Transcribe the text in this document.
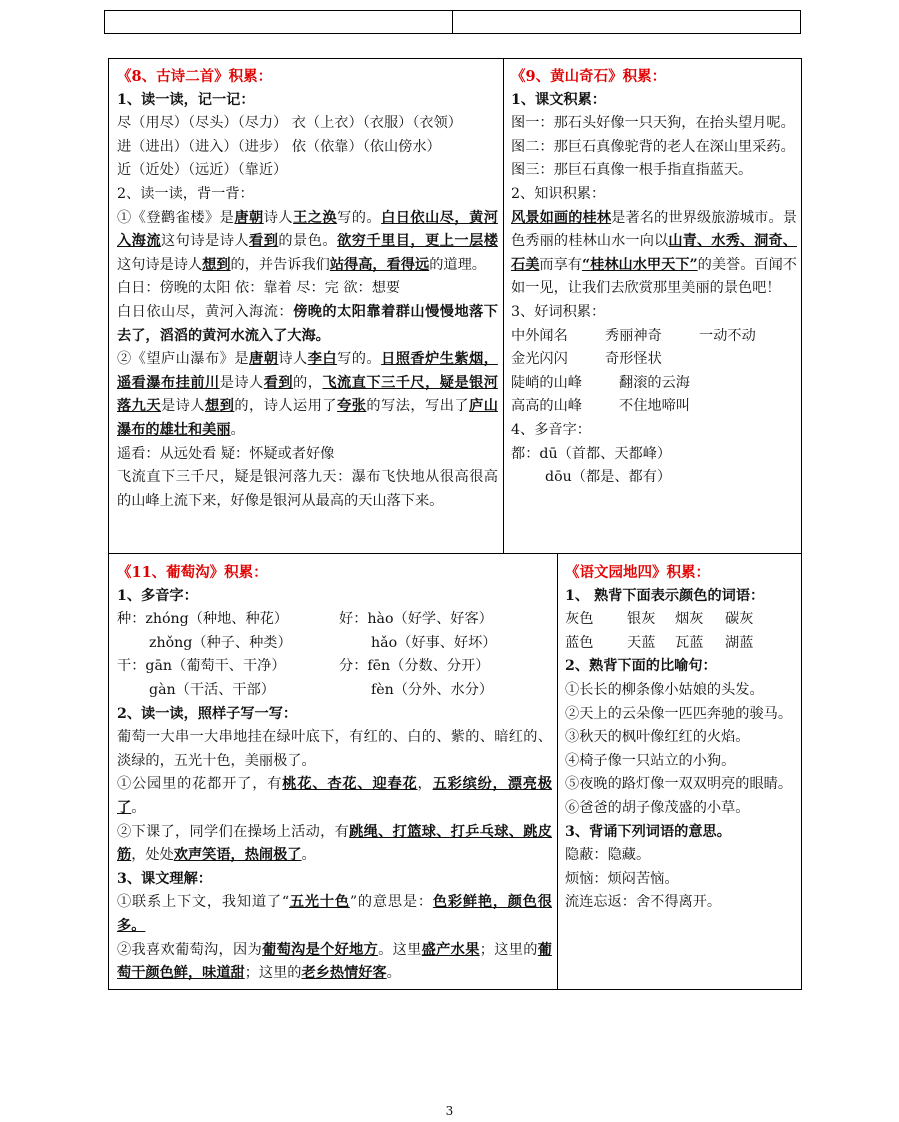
《8、古诗二首》积累：
1、读一读，记一记：
尽（用尽）（尽头）（尽力） 衣（上衣）（衣服）（衣领）
进（进出）（进入）（进步） 依（依靠）（依山傍水）
近（近处）（远近）（靠近）
2、读一读，背一背：
①《登鹳雀楼》是唐朝诗人王之涣写的。白日依山尽，黄河入海流这句诗是诗人看到的景色。欲穷千里目，更上一层楼这句诗是诗人想到的，并告诉我们站得高，看得远的道理。
白日：傍晚的太阳 依：靠着 尽：完 欲：想要
白日依山尽，黄河入海流：傍晚的太阳靠着群山慢慢地落下去了，滔滔的黄河水流入了大海。
②《望庐山瀑布》是唐朝诗人李白写的。日照香炉生紫烟，遥看瀑布挂前川是诗人看到的，飞流直下三千尺，疑是银河落九天是诗人想到的，诗人运用了夸张的写法，写出了庐山瀑布的雄壮和美丽。
遥看：从远处看 疑：怀疑或者好像
飞流直下三千尺，疑是银河落九天：瀑布飞快地从很高很高的山峰上流下来，好像是银河从最高的天山落下来。
《9、黄山奇石》积累：
1、课文积累：
图一：那石头好像一只天狗，在抬头望月呢。
图二：那巨石真像驼背的老人在深山里采药。
图三：那巨石真像一根手指直指蓝天。
2、知识积累：
风景如画的桂林是著名的世界级旅游城市。景色秀丽的桂林山水一向以山青、水秀、洞奇、石美而享有“桂林山水甲天下”的美誉。百闻不如一见，让我们去欣赏那里美丽的景色吧！
3、好词积累：
中外闻名	秀丽神奇	一动不动
金光闪闪	奇形怪状
陡峭的山峰	翻滚的云海
高高的山峰	不住地啼叫
4、多音字：
都：dū（首都、天都峰）
dōu（都是、都有）
《11、葡萄沟》积累：
1、多音字：
种：zhóng（种地、种花）	好：hào（好学、好客）
zhǒng（种子、种类）	hǎo（好事、好坏）
干：gān（葡萄干、干净）	分：fēn（分数、分开）
gàn（干活、干部）	fèn（分外、水分）
2、读一读，照样子写一写：
葡萄一大串一大串地挂在绿叶底下，有红的、白的、紫的、暗红的、淡绿的，五光十色，美丽极了。
①公园里的花都开了，有桃花、杏花、迎春花，五彩缤纷，漂亮极了。
②下课了，同学们在操场上活动，有跳绳、打篮球、打乒乓球、跳皮筋，处处欢声笑语，热闹极了。
3、课文理解：
①联系上下文，我知道了“五光十色”的意思是：色彩鲜艳，颜色很多。
②我喜欢葡萄沟，因为葡萄沟是个好地方。这里盛产水果；这里的葡萄干颜色鲜，味道甜；这里的老乡热情好客。
《语文园地四》积累：
1、 熟背下面表示颜色的词语：
灰色 银灰 烟灰 碳灰
蓝色 天蓝 瓦蓝 湖蓝
2、熟背下面的比喻句：
①长长的柳条像小姑娘的头发。
②天上的云朵像一匹匹奔驰的骏马。
③秋天的枫叶像红红的火焰。
④椅子像一只站立的小狗。
⑤夜晚的路灯像一双双明亮的眼睛。
⑥爸爸的胡子像茂盛的小草。
3、背诵下列词语的意思。
隐蔽：隐藏。
烦恼：烦闷苦恼。
流连忘返：舍不得离开。
3
